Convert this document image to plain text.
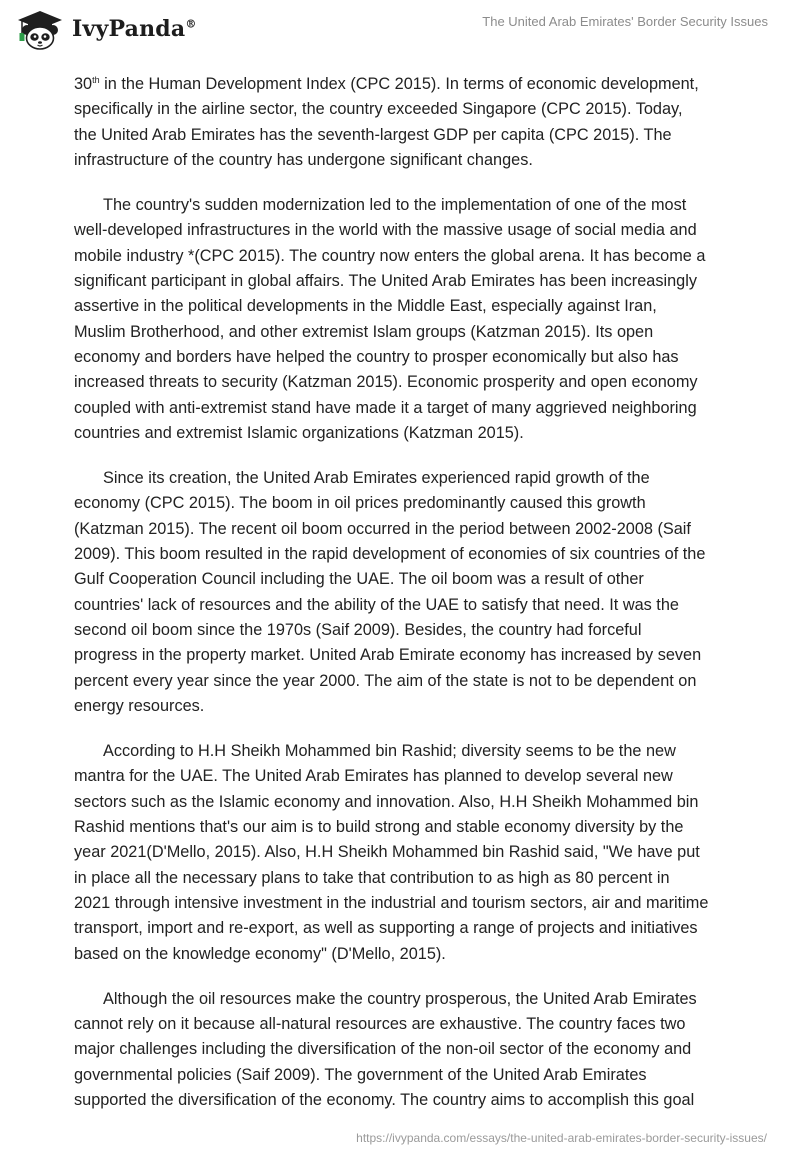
IvyPanda®	The United Arab Emirates' Border Security Issues

30th in the Human Development Index (CPC 2015). In terms of economic development,
specifically in the airline sector, the country exceeded Singapore (CPC 2015). Today,
the United Arab Emirates has the seventh-largest GDP per capita (CPC 2015). The
infrastructure of the country has undergone significant changes.

The country's sudden modernization led to the implementation of one of the most
well-developed infrastructures in the world with the massive usage of social media and
mobile industry *(CPC 2015). The country now enters the global arena. It has become a
significant participant in global affairs. The United Arab Emirates has been increasingly
assertive in the political developments in the Middle East, especially against Iran,
Muslim Brotherhood, and other extremist Islam groups (Katzman 2015). Its open
economy and borders have helped the country to prosper economically but also has
increased threats to security (Katzman 2015). Economic prosperity and open economy
coupled with anti-extremist stand have made it a target of many aggrieved neighboring
countries and extremist Islamic organizations (Katzman 2015).

Since its creation, the United Arab Emirates experienced rapid growth of the
economy (CPC 2015). The boom in oil prices predominantly caused this growth
(Katzman 2015). The recent oil boom occurred in the period between 2002-2008 (Saif
2009). This boom resulted in the rapid development of economies of six countries of the
Gulf Cooperation Council including the UAE. The oil boom was a result of other
countries' lack of resources and the ability of the UAE to satisfy that need. It was the
second oil boom since the 1970s (Saif 2009). Besides, the country had forceful
progress in the property market. United Arab Emirate economy has increased by seven
percent every year since the year 2000. The aim of the state is not to be dependent on
energy resources.

According to H.H Sheikh Mohammed bin Rashid; diversity seems to be the new
mantra for the UAE. The United Arab Emirates has planned to develop several new
sectors such as the Islamic economy and innovation. Also, H.H Sheikh Mohammed bin
Rashid mentions that's our aim is to build strong and stable economy diversity by the
year 2021(D'Mello, 2015). Also, H.H Sheikh Mohammed bin Rashid said, "We have put
in place all the necessary plans to take that contribution to as high as 80 percent in
2021 through intensive investment in the industrial and tourism sectors, air and maritime
transport, import and re-export, as well as supporting a range of projects and initiatives
based on the knowledge economy" (D'Mello, 2015).

Although the oil resources make the country prosperous, the United Arab Emirates
cannot rely on it because all-natural resources are exhaustive. The country faces two
major challenges including the diversification of the non-oil sector of the economy and
governmental policies (Saif 2009). The government of the United Arab Emirates
supported the diversification of the economy. The country aims to accomplish this goal

https://ivypanda.com/essays/the-united-arab-emirates-border-security-issues/
